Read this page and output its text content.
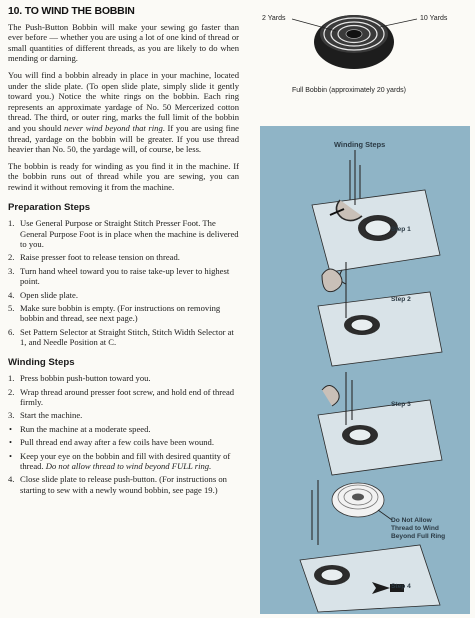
10. TO WIND THE BOBBIN

The Push-Button Bobbin will make your sewing go faster than ever before — whether you are using a lot of one kind of thread or small quantities of different threads, as you are likely to do when mending or darning.

You will find a bobbin already in place in your machine, located under the slide plate. (To open slide plate, simply slide it gently toward you.) Notice the white rings on the bobbin. Each ring represents an approximate yardage of No. 50 Mercerized cotton thread. The third, or outer ring, marks the full limit of the bobbin and you should never wind beyond that ring. If you are using fine thread, yardage on the bobbin will be greater. If you use thread heavier than No. 50, the yardage will, of course, be less.

The bobbin is ready for winding as you find it in the machine. If the bobbin runs out of thread while you are sewing, you can rewind it without removing it from the machine.

Preparation Steps
1. Use General Purpose or Straight Stitch Presser Foot. The General Purpose Foot is in place when the machine is delivered to you.
2. Raise presser foot to release tension on thread.
3. Turn hand wheel toward you to raise take-up lever to highest point.
4. Open slide plate.
5. Make sure bobbin is empty. (For instructions on removing bobbin and thread, see next page.)
6. Set Pattern Selector at Straight Stitch, Stitch Width Selector at 1, and Needle Position at C.
Winding Steps
1. Press bobbin push-button toward you.
2. Wrap thread around presser foot screw, and hold end of thread firmly.
3. Start the machine.
• Run the machine at a moderate speed.
• Pull thread end away after a few coils have been wound.
• Keep your eye on the bobbin and fill with desired quantity of thread. Do not allow thread to wind beyond FULL ring.
4. Close slide plate to release push-button. (For instructions on starting to sew with a newly wound bobbin, see page 19.)
2 Yards	10 Yards
Full Bobbin (approximately 20 yards)
Winding Steps
Step 1
Step 2
Step 3
Do Not Allow
Thread to Wind
Beyond Full Ring
Step 4
